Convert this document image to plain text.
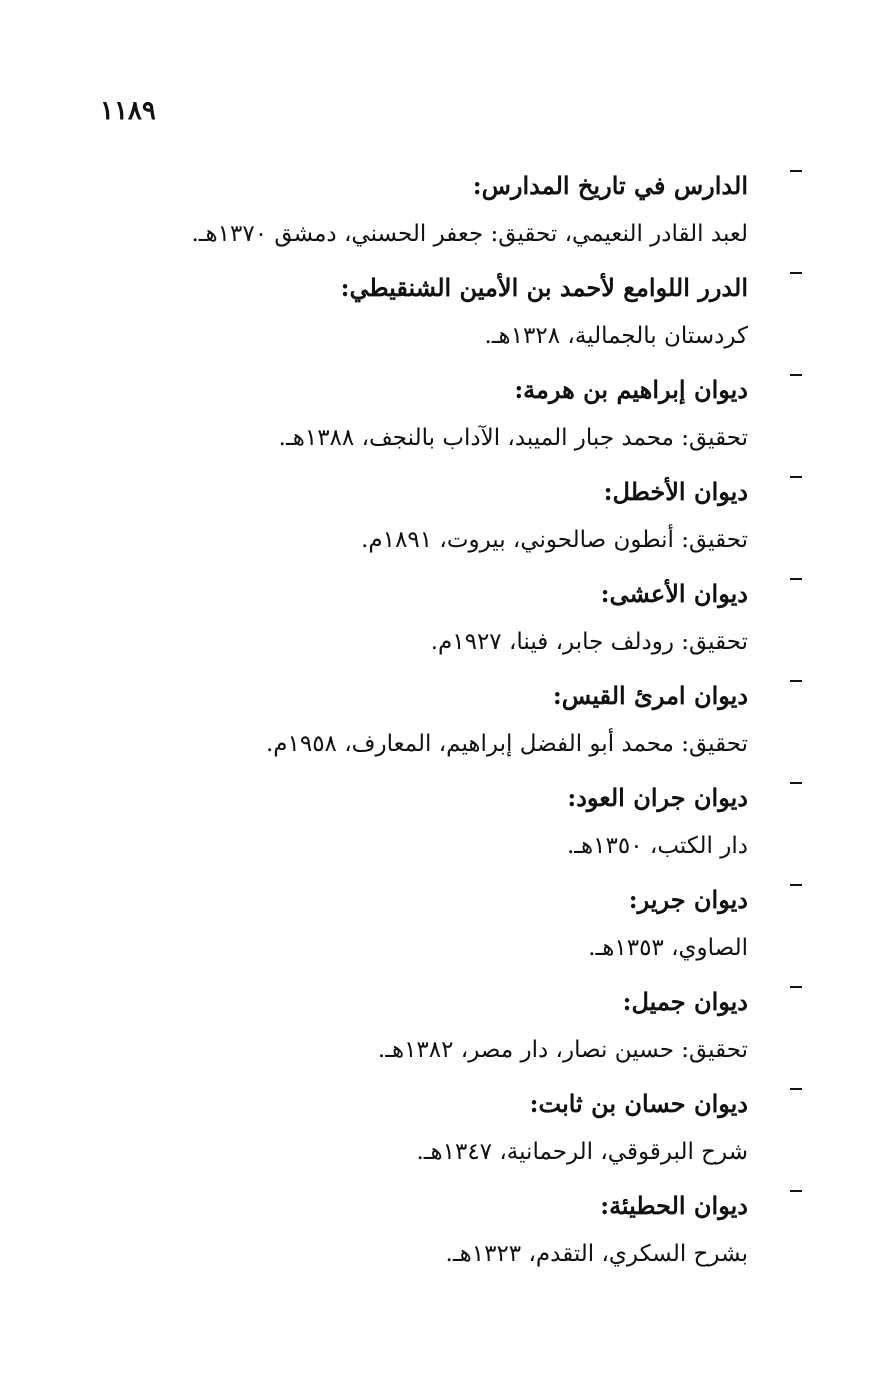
١١٨٩
الدارس في تاريخ المدارس:
لعبد القادر النعيمي، تحقيق: جعفر الحسني، دمشق ١٣٧٠هـ.
الدرر اللوامع لأحمد بن الأمين الشنقيطي:
كردستان بالجمالية، ١٣٢٨هـ.
ديوان إبراهيم بن هرمة:
تحقيق: محمد جبار الميبد، الآداب بالنجف، ١٣٨٨هـ.
ديوان الأخطل:
تحقيق: أنطون صالحوني، بيروت، ١٨٩١م.
ديوان الأعشى:
تحقيق: رودلف جابر، فينا، ١٩٢٧م.
ديوان امرئ القيس:
تحقيق: محمد أبو الفضل إبراهيم، المعارف، ١٩٥٨م.
ديوان جران العود:
دار الكتب، ١٣٥٠هـ.
ديوان جرير:
الصاوي، ١٣٥٣هـ.
ديوان جميل:
تحقيق: حسين نصار، دار مصر، ١٣٨٢هـ.
ديوان حسان بن ثابت:
شرح البرقوقي، الرحمانية، ١٣٤٧هـ.
ديوان الحطيئة:
بشرح السكري، التقدم، ١٣٢٣هـ.
